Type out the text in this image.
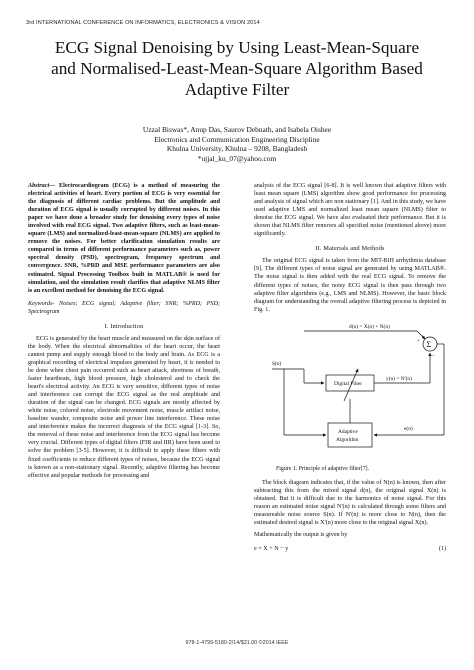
3rd INTERNATIONAL CONFERENCE ON INFORMATICS, ELECTRONICS & VISION 2014
ECG Signal Denoising by Using Least-Mean-Square
and Normalised-Least-Mean-Square Algorithm Based
Adaptive Filter
Uzzal Biswas*, Anup Das, Saurov Debnath, and Isabela Oishee
Electronics and Communication Engineering Discipline
Khulna University, Khulna – 9208, Bangladesh
*ujjal_ku_07@yahoo.com

Abstract— Electrocardiogram (ECG) is a method of measuring the electrical activities of heart. Every portion of ECG is very essential for the diagnosis of different cardiac problems. But the amplitude and duration of ECG signal is usually corrupted by different noises. In this paper we have done a broader study for denoising every types of noise involved with real ECG signal. Two adaptive filters, such as least-mean-square (LMS) and normalized-least-mean-square (NLMS) are applied to remove the noises. For better clarification simulation results are compared in terms of different performance parameters such as, power spectral density (PSD), spectrogram, frequency spectrum and convergence. SNR, %PRD and MSE performance parameters are also estimated. Signal Processing Toolbox built in MATLAB® is used for simulation, and the simulation result clarifies that adaptive NLMS filter is an excellent method for denoising the ECG signal.

Keywords- Noises; ECG signal; Adaptive filter; SNR; %PRD; PSD; Spectrogram

I. Introduction

ECG is generated by the heart muscle and measured on the skin surface of the body. When the electrical abnormalities of the heart occur, the heart cannot pump and supply enough blood to the body and brain. As ECG is a graphical recording of electrical impulses generated by heart, it is needed to be done when chest pain occurred such as heart attack, shortness of breath, faster heartbeats, high blood pressure, high cholesterol and to check the heart's electrical activity. An ECG is very sensitive, different types of noise and interference can corrupt the ECG signal as the real amplitude and duration of the signal can be changed. ECG signals are mostly affected by white noise, colored noise, electrode movement noise, muscle artifact noise, baseline wander, composite noise and power line interference. These noise and interference makes the incorrect diagnosis of the ECG signal [1-3]. So, the removal of these noise and interference from the ECG signal has become very crucial. Different types of digital filters (FIR and IIR) have been used to solve the problem [3-5]. However, it is difficult to apply these filters with fixed coefficients to reduce different types of noises, because the ECG signal is known as a non-stationary signal. Recently, adaptive filtering has become effective and popular methods for processing and

analysis of the ECG signal [6-8]. It is well known that adaptive filters with least mean square (LMS) algorithm show good performance for processing and analysis of signal which are non stationary [1]. And in this study, we have used adaptive LMS and normalized least mean square (NLMS) filter to denoise the ECG signal. We have also evaluated their performance. But it is shown that NLMS filter removes all specified noise (mentioned above) more significantly.

II. Materials and Methods

The original ECG signal is taken from the MIT-BIH arrhythmia database [9]. The different types of noise signal are generated by using MATLAB®. The noise signal is then added with the real ECG signal. To remove the different types of noises, the noisy ECG signal is then pass through two adaptive filter algorithms (e.g., LMS and NLMS). However, the basic block diagram for understanding the overall adaptive filtering process is depicted in Fig. 1.

d(n) = X(n) + N(n)
Σ
+
−
e(n)
S(n)
Digital Filter
y(n) = N'(n)
Adaptive
Algorithm

Figure 1. Principle of adaptive filter[7].

The block diagram indicates that, if the value of N(n) is known, then after subtracting this from the mixed signal d(n), the original signal X(n) is obtained. But it is difficult due to the harmonics of noise signal. For this reason an estimated noise signal N'(n) is calculated through some filters and measureable noise source S(n). If N'(n) is more close to N(n), then the estimated desired signal is X'(n) more close to the original signal X(n).

Mathematically the output is given by

e = X + N − y	(1)

978-1-4799-5180-2/14/$31.00 ©2014 IEEE
